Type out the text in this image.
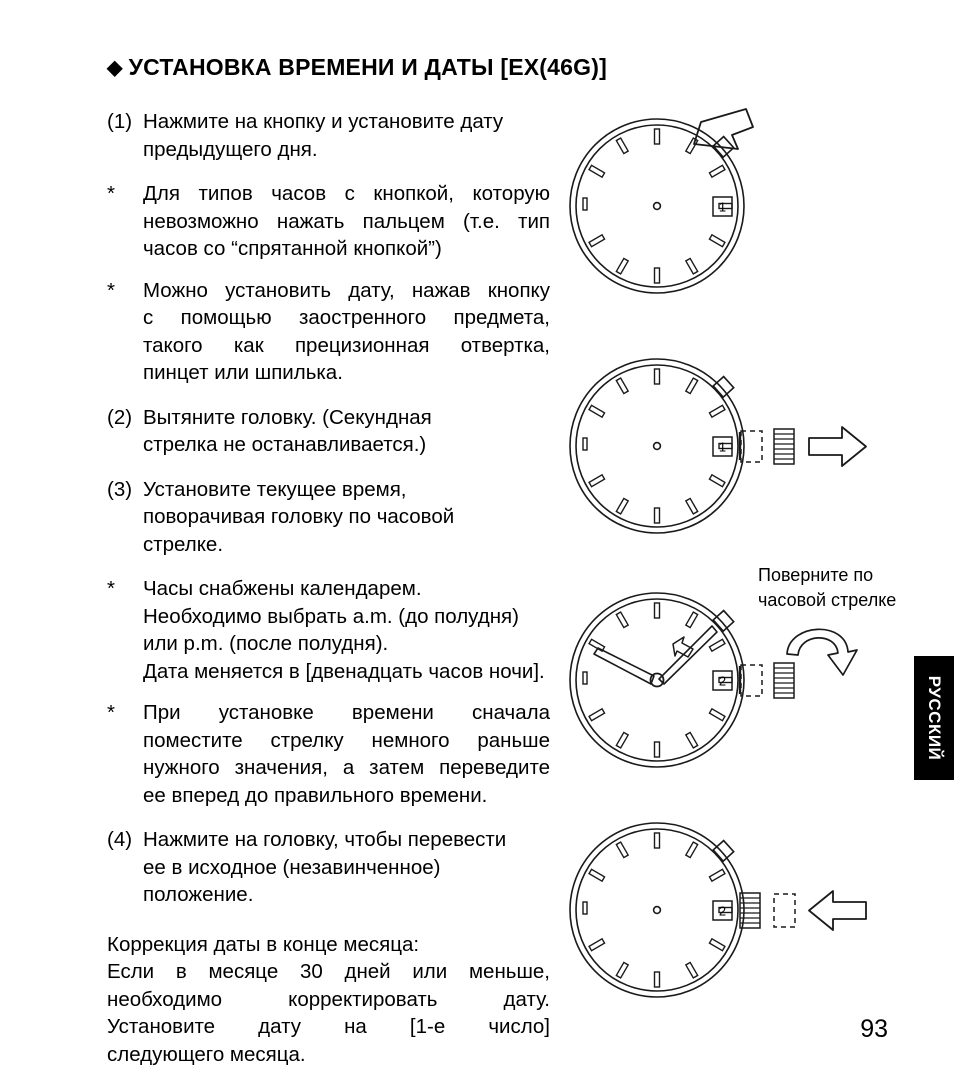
◆ УСТАНОВКА ВРЕМЕНИ И ДАТЫ [EX(46G)]
(1) Нажмите на кнопку и установите дату
предыдущего дня.
*	Для типов часов с кнопкой, которую
невозможно нажать пальцем (т.е. тип
часов со “спрятанной кнопкой”)
*	Можно установить дату, нажав кнопку
с помощью заостренного предмета,
такого как прецизионная отвертка,
пинцет или шпилька.
(2) Вытяните головку. (Секундная
стрелка не останавливается.)
(3) Установите текущее время,
поворачивая головку по часовой
стрелке.
*	Часы снабжены календарем.
Необходимо выбрать a.m. (до полудня)
или p.m. (после полудня).
Дата меняется в [двенадцать часов ночи].
*	При установке времени сначала
поместите стрелку немного раньше
нужного значения, а затем переведите
ее вперед до правильного времени.
(4) Нажмите на головку, чтобы перевести
ее в исходное (незавинченное)
положение.
Коррекция даты в конце месяца:
Если в месяце 30 дней или меньше,
необходимо корректировать дату.
Установите дату на [1-е число]
следующего месяца.
1
1
Поверните по
часовой стрелке
2
2
РУССКИЙ
93
